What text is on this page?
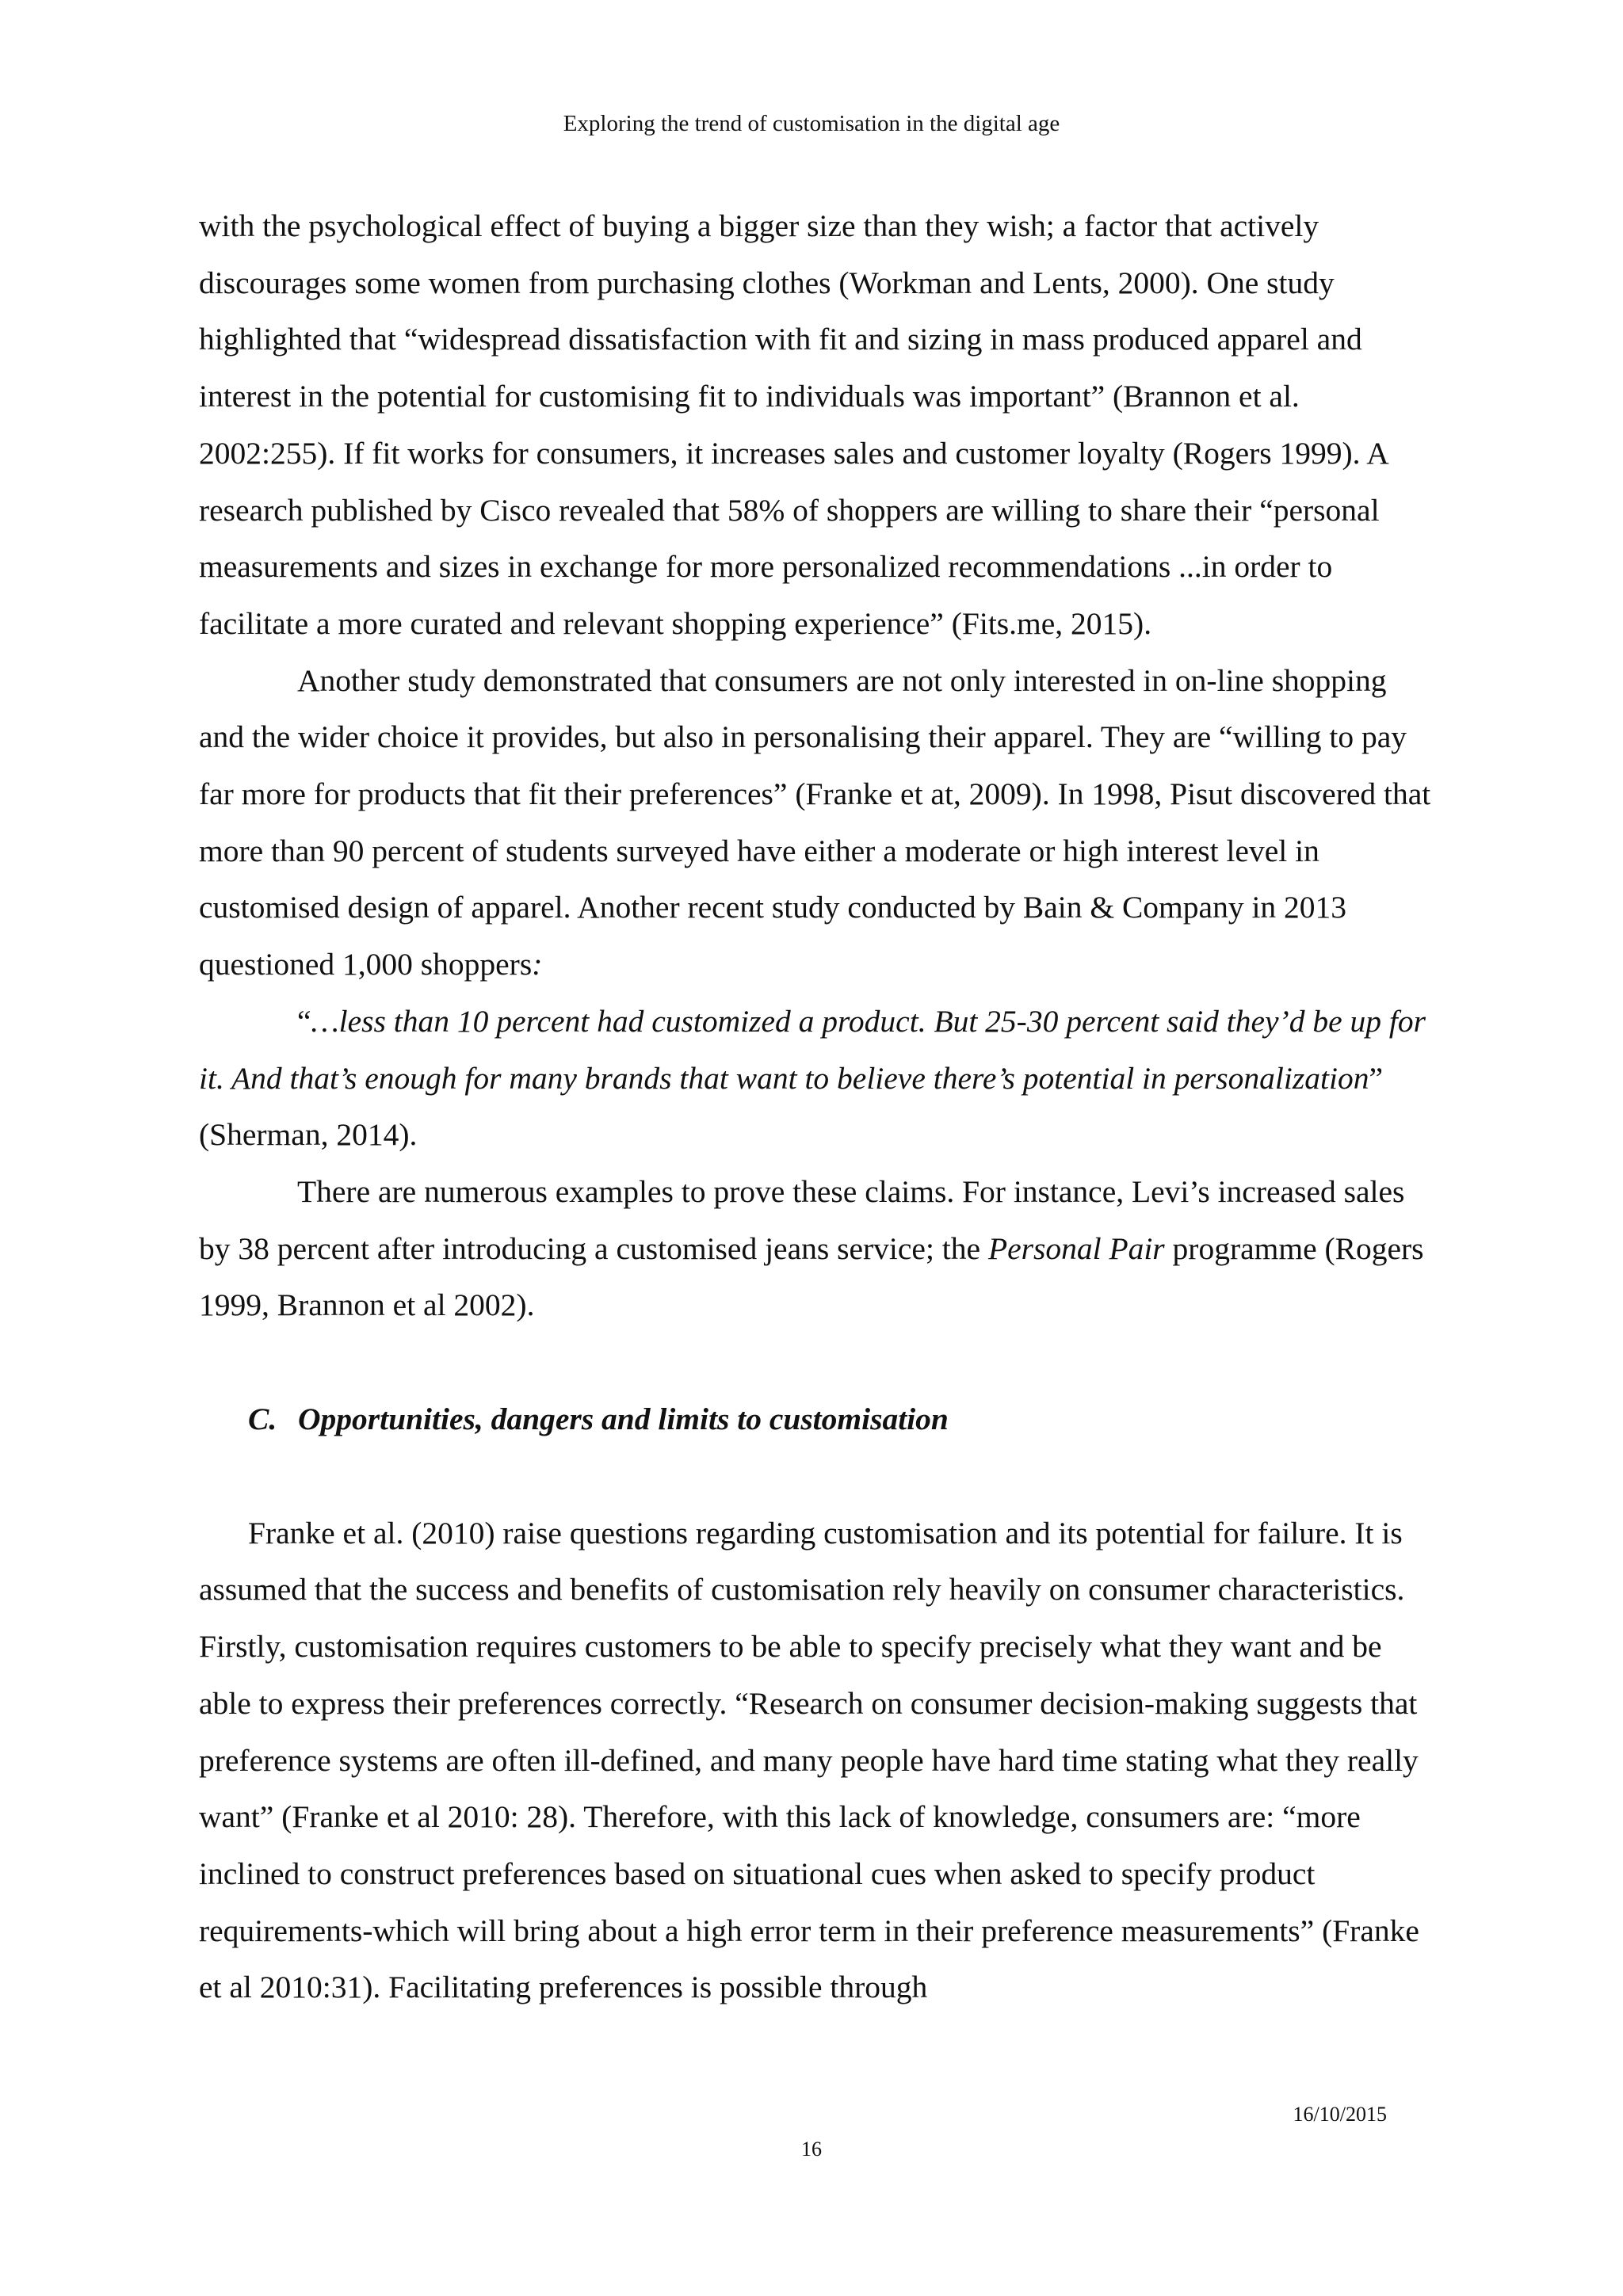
Exploring the trend of customisation in the digital age

with the psychological effect of buying a bigger size than they wish; a factor that actively discourages some women from purchasing clothes (Workman and Lents, 2000). One study highlighted that “widespread dissatisfaction with fit and sizing in mass produced apparel and interest in the potential for customising fit to individuals was important” (Brannon et al. 2002:255). If fit works for consumers, it increases sales and customer loyalty (Rogers 1999). A research published by Cisco revealed that 58% of shoppers are willing to share their “personal measurements and sizes in exchange for more personalized recommendations ...in order to facilitate a more curated and relevant shopping experience” (Fits.me, 2015).

Another study demonstrated that consumers are not only interested in on-line shopping and the wider choice it provides, but also in personalising their apparel. They are “willing to pay far more for products that fit their preferences” (Franke et at, 2009). In 1998, Pisut discovered that more than 90 percent of students surveyed have either a moderate or high interest level in customised design of apparel. Another recent study conducted by Bain & Company in 2013 questioned 1,000 shoppers:

“…less than 10 percent had customized a product. But 25-30 percent said they’d be up for it. And that’s enough for many brands that want to believe there’s potential in personalization” (Sherman, 2014).

There are numerous examples to prove these claims. For instance, Levi’s increased sales by 38 percent after introducing a customised jeans service; the Personal Pair programme (Rogers 1999, Brannon et al 2002).

C. Opportunities, dangers and limits to customisation

Franke et al. (2010) raise questions regarding customisation and its potential for failure. It is assumed that the success and benefits of customisation rely heavily on consumer characteristics. Firstly, customisation requires customers to be able to specify precisely what they want and be able to express their preferences correctly. “Research on consumer decision-making suggests that preference systems are often ill-defined, and many people have hard time stating what they really want” (Franke et al 2010: 28). Therefore, with this lack of knowledge, consumers are: “more inclined to construct preferences based on situational cues when asked to specify product requirements-which will bring about a high error term in their preference measurements” (Franke et al 2010:31). Facilitating preferences is possible through

16/10/2015
16
